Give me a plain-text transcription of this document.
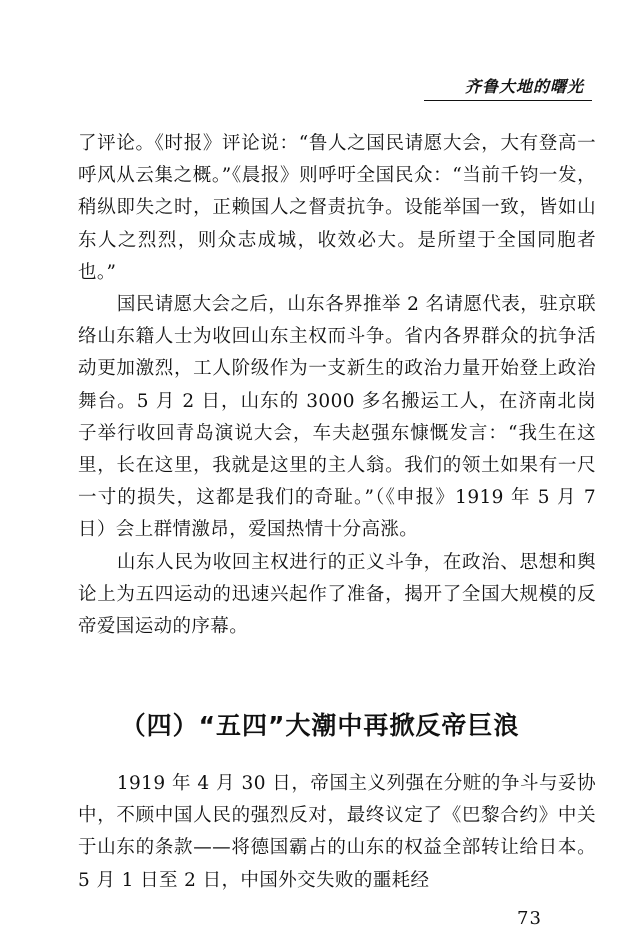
齐鲁大地的曙光

了评论。《时报》评论说：“鲁人之国民请愿大会，大有登高一呼风从云集之概。”《晨报》则呼吁全国民众：“当前千钧一发，稍纵即失之时，正赖国人之督责抗争。设能举国一致，皆如山东人之烈烈，则众志成城，收效必大。是所望于全国同胞者也。”

国民请愿大会之后，山东各界推举 2 名请愿代表，驻京联络山东籍人士为收回山东主权而斗争。省内各界群众的抗争活动更加激烈，工人阶级作为一支新生的政治力量开始登上政治舞台。5 月 2 日，山东的 3000 多名搬运工人，在济南北岗子举行收回青岛演说大会，车夫赵强东慷慨发言：“我生在这里，长在这里，我就是这里的主人翁。我们的领土如果有一尺一寸的损失，这都是我们的奇耻。”（《申报》1919 年 5 月 7 日）会上群情激昂，爱国热情十分高涨。

山东人民为收回主权进行的正义斗争，在政治、思想和舆论上为五四运动的迅速兴起作了准备，揭开了全国大规模的反帝爱国运动的序幕。

（四）“五四”大潮中再掀反帝巨浪

1919 年 4 月 30 日，帝国主义列强在分赃的争斗与妥协中，不顾中国人民的强烈反对，最终议定了《巴黎合约》中关于山东的条款——将德国霸占的山东的权益全部转让给日本。5 月 1 日至 2 日，中国外交失败的噩耗经

73
